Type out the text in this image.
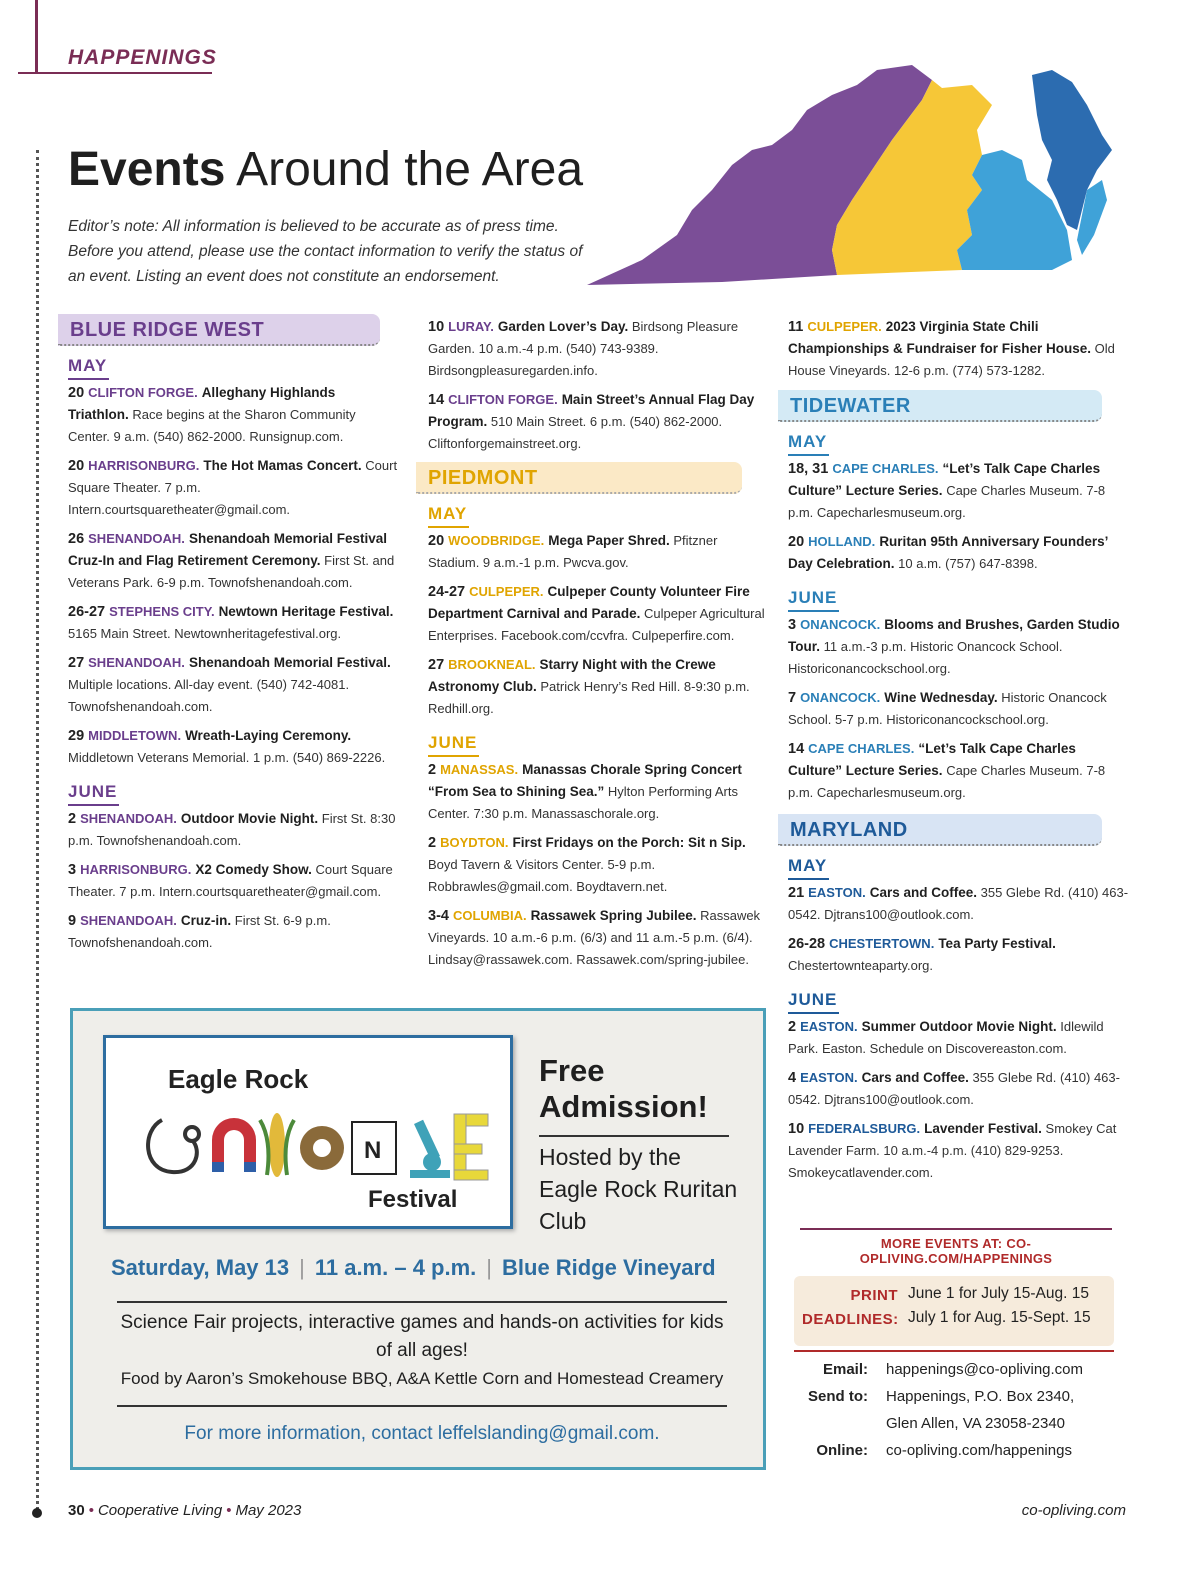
HAPPENINGS
Events Around the Area
Editor’s note: All information is believed to be accurate as of press time. Before you attend, please use the contact information to verify the status of an event. Listing an event does not constitute an endorsement.
BLUE RIDGE WEST
MAY
20 CLIFTON FORGE. Alleghany Highlands Triathlon. Race begins at the Sharon Community Center. 9 a.m. (540) 862-2000. Runsignup.com.
20 HARRISONBURG. The Hot Mamas Concert. Court Square Theater. 7 p.m. Intern.courtsquaretheater@gmail.com.
26 SHENANDOAH. Shenandoah Memorial Festival Cruz-In and Flag Retirement Ceremony. First St. and Veterans Park. 6-9 p.m. Townofshenandoah.com.
26-27 STEPHENS CITY. Newtown Heritage Festival. 5165 Main Street. Newtownheritagefestival.org.
27 SHENANDOAH. Shenandoah Memorial Festival. Multiple locations. All-day event. (540) 742-4081. Townofshenandoah.com.
29 MIDDLETOWN. Wreath-Laying Ceremony. Middletown Veterans Memorial. 1 p.m. (540) 869-2226.
JUNE
2 SHENANDOAH. Outdoor Movie Night. First St. 8:30 p.m. Townofshenandoah.com.
3 HARRISONBURG. X2 Comedy Show. Court Square Theater. 7 p.m. Intern.courtsquaretheater@gmail.com.
9 SHENANDOAH. Cruz-in. First St. 6-9 p.m. Townofshenandoah.com.
10 LURAY. Garden Lover’s Day. Birdsong Pleasure Garden. 10 a.m.-4 p.m. (540) 743-9389. Birdsongpleasuregarden.info.
14 CLIFTON FORGE. Main Street’s Annual Flag Day Program. 510 Main Street. 6 p.m. (540) 862-2000. Cliftonforgemainstreet.org.
PIEDMONT
MAY
20 WOODBRIDGE. Mega Paper Shred. Pfitzner Stadium. 9 a.m.-1 p.m. Pwcva.gov.
24-27 CULPEPER. Culpeper County Volunteer Fire Department Carnival and Parade. Culpeper Agricultural Enterprises. Facebook.com/ccvfra. Culpeperfire.com.
27 BROOKNEAL. Starry Night with the Crewe Astronomy Club. Patrick Henry’s Red Hill. 8-9:30 p.m. Redhill.org.
JUNE
2 MANASSAS. Manassas Chorale Spring Concert “From Sea to Shining Sea.” Hylton Performing Arts Center. 7:30 p.m. Manassaschorale.org.
2 BOYDTON. First Fridays on the Porch: Sit n Sip. Boyd Tavern & Visitors Center. 5-9 p.m. Robbrawles@gmail.com. Boydtavern.net.
3-4 COLUMBIA. Rassawek Spring Jubilee. Rassawek Vineyards. 10 a.m.-6 p.m. (6/3) and 11 a.m.-5 p.m. (6/4). Lindsay@rassawek.com. Rassawek.com/spring-jubilee.
11 CULPEPER. 2023 Virginia State Chili Championships & Fundraiser for Fisher House. Old House Vineyards. 12-6 p.m. (774) 573-1282.
TIDEWATER
MAY
18, 31 CAPE CHARLES. “Let’s Talk Cape Charles Culture” Lecture Series. Cape Charles Museum. 7-8 p.m. Capecharlesmuseum.org.
20 HOLLAND. Ruritan 95th Anniversary Founders’ Day Celebration. 10 a.m. (757) 647-8398.
JUNE
3 ONANCOCK. Blooms and Brushes, Garden Studio Tour. 11 a.m.-3 p.m. Historic Onancock School. Historiconancockschool.org.
7 ONANCOCK. Wine Wednesday. Historic Onancock School. 5-7 p.m. Historiconancockschool.org.
14 CAPE CHARLES. “Let’s Talk Cape Charles Culture” Lecture Series. Cape Charles Museum. 7-8 p.m. Capecharlesmuseum.org.
MARYLAND
MAY
21 EASTON. Cars and Coffee. 355 Glebe Rd. (410) 463-0542. Djtrans100@outlook.com.
26-28 CHESTERTOWN. Tea Party Festival. Chestertownteaparty.org.
JUNE
2 EASTON. Summer Outdoor Movie Night. Idlewild Park. Easton. Schedule on Discovereaston.com.
4 EASTON. Cars and Coffee. 355 Glebe Rd. (410) 463-0542. Djtrans100@outlook.com.
10 FEDERALSBURG. Lavender Festival. Smokey Cat Lavender Farm. 10 a.m.-4 p.m. (410) 829-9253. Smokeycatlavender.com.
Eagle Rock
N
Festival
Free Admission!
Hosted by the Eagle Rock Ruritan Club
Saturday, May 13 | 11 a.m. – 4 p.m. | Blue Ridge Vineyard
Science Fair projects, interactive games and hands-on activities for kids of all ages!
Food by Aaron’s Smokehouse BBQ, A&A Kettle Corn and Homestead Creamery
For more information, contact leffelslanding@gmail.com.
MORE EVENTS AT: CO-OPLIVING.COM/HAPPENINGS
PRINT
DEADLINES:
June 1 for July 15-Aug. 15
July 1 for Aug. 15-Sept. 15
Email:	happenings@co-opliving.com
Send to:	Happenings, P.O. Box 2340,
Glen Allen, VA 23058-2340
Online:	co-opliving.com/happenings
30 • Cooperative Living • May 2023	co-opliving.com
